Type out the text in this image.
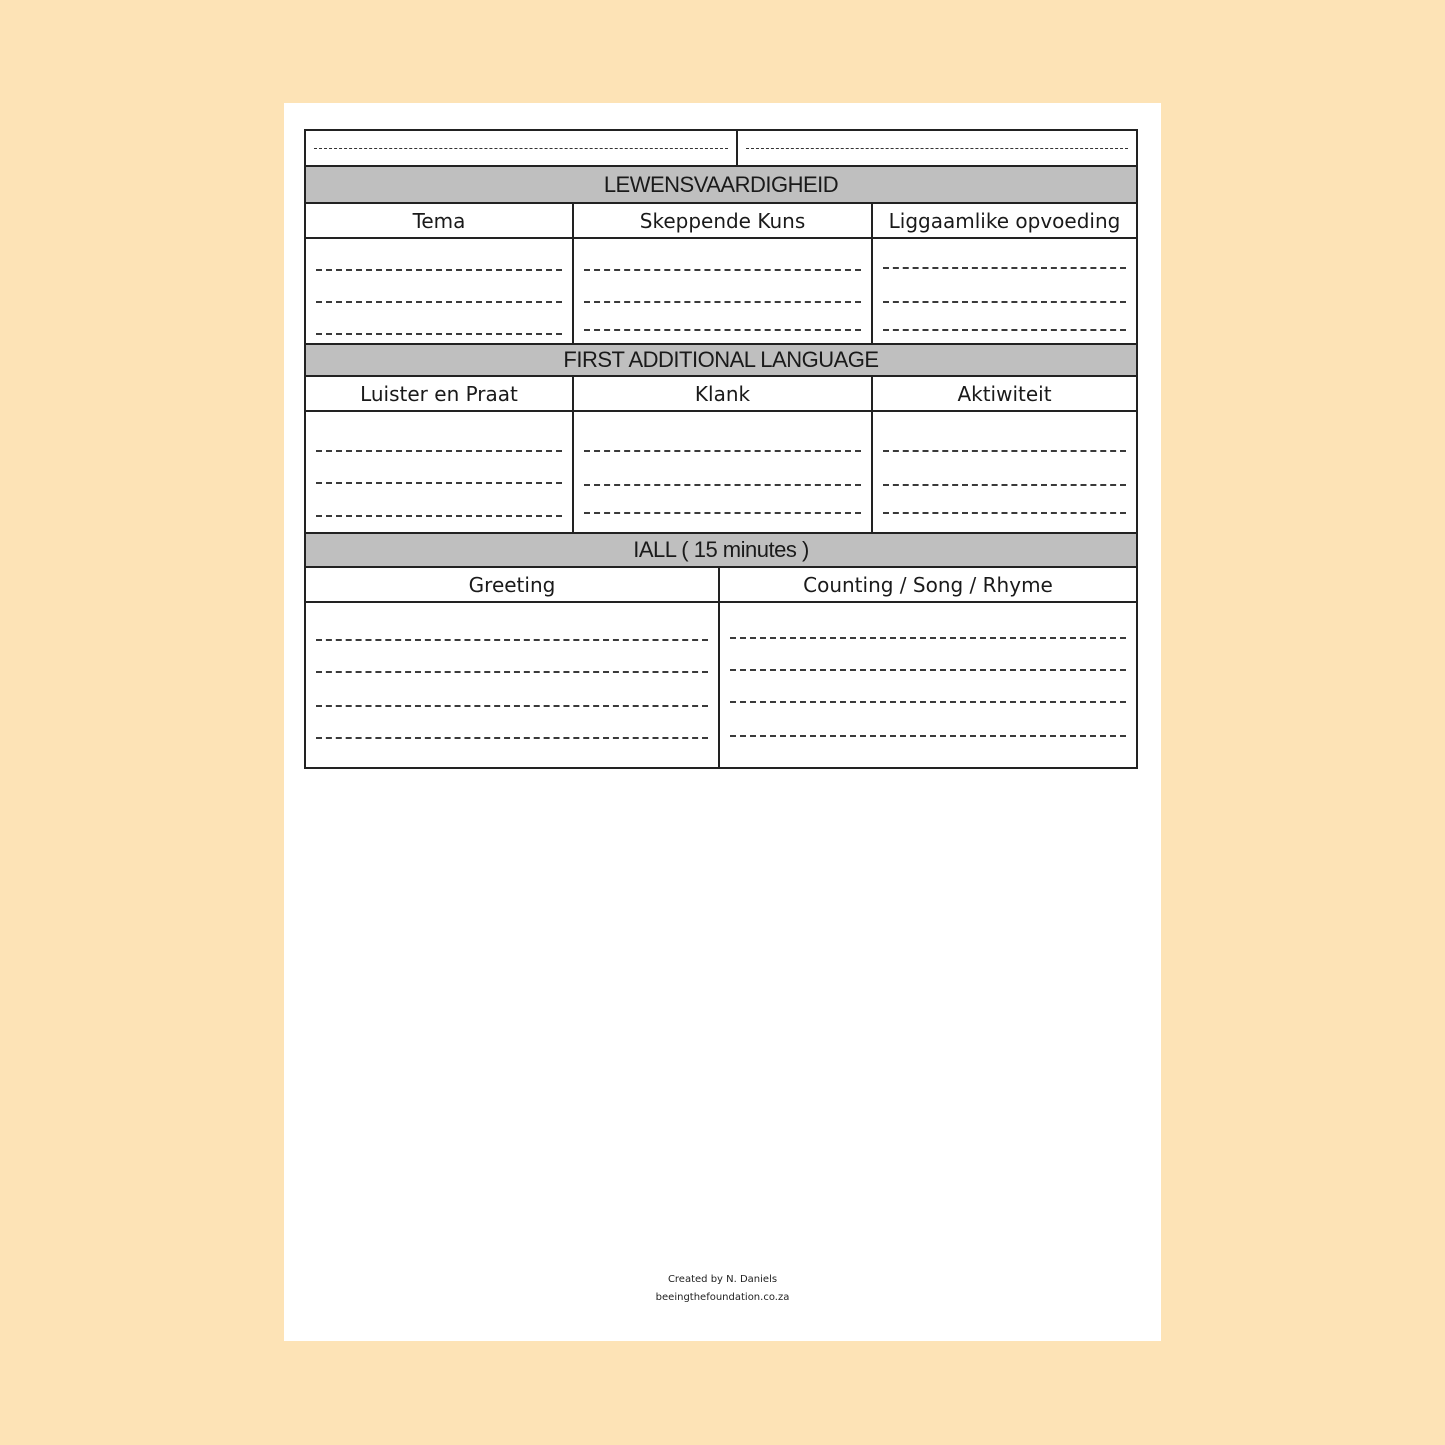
LEWENSVAARDIGHEID
Tema	Skeppende Kuns	Liggaamlike opvoeding
FIRST ADDITIONAL LANGUAGE
Luister en Praat	Klank	Aktiwiteit
IALL ( 15 minutes )
Greeting	Counting / Song / Rhyme
Created by N. Daniels
beeingthefoundation.co.za
